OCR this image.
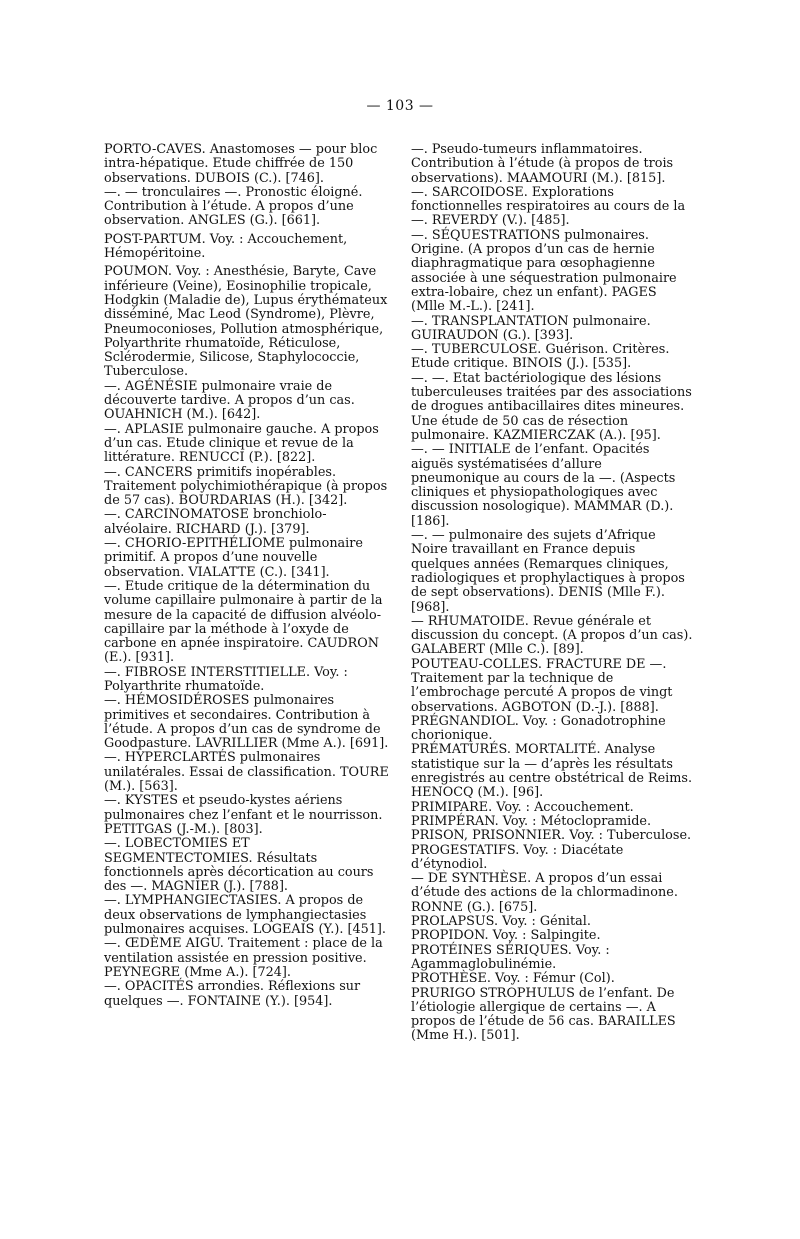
— 103 —

PORTO-CAVES. Anastomoses — pour bloc intra-hépatique. Etude chiffrée de 150 observations. DUBOIS (C.). [746].

—. — tronculaires —. Pronostic éloigné. Contribution à l’étude. A propos d’une observation. ANGLES (G.). [661].

POST-PARTUM. Voy. : Accouchement, Hémopéritoine.

POUMON. Voy. : Anesthésie, Baryte, Cave inférieure (Veine), Eosinophilie tropicale, Hodgkin (Maladie de), Lupus érythémateux disséminé, Mac Leod (Syndrome), Plèvre, Pneumoconioses, Pollution atmosphérique, Polyarthrite rhumatoïde, Réticulose, Sclérodermie, Silicose, Staphylococcie, Tuberculose.

—. AGÉNÉSIE pulmonaire vraie de découverte tardive. A propos d’un cas. OUAHNICH (M.). [642].

—. APLASIE pulmonaire gauche. A propos d’un cas. Etude clinique et revue de la littérature. RENUCCI (P.). [822].

—. CANCERS primitifs inopérables. Traitement polychimiothérapique (à propos de 57 cas). BOURDARIAS (H.). [342].

—. CARCINOMATOSE bronchiolo-alvéolaire. RICHARD (J.). [379].

—. CHORIO-EPITHÉLIOME pulmonaire primitif. A propos d’une nouvelle observation. VIALATTE (C.). [341].

—. Etude critique de la détermination du volume capillaire pulmonaire à partir de la mesure de la capacité de diffusion alvéolo-capillaire par la méthode à l’oxyde de carbone en apnée inspiratoire. CAUDRON (E.). [931].

—. FIBROSE INTERSTITIELLE. Voy. : Polyarthrite rhumatoïde.

—. HÉMOSIDÉROSES pulmonaires primitives et secondaires. Contribution à l’étude. A propos d’un cas de syndrome de Goodpasture. LAVRILLIER (Mme A.). [691].

—. HYPERCLARTÉS pulmonaires unilatérales. Essai de classification. TOURE (M.). [563].

—. KYSTES et pseudo-kystes aériens pulmonaires chez l’enfant et le nourrisson. PETITGAS (J.-M.). [803].

—. LOBECTOMIES ET SEGMENTECTOMIES. Résultats fonctionnels après décortication au cours des —. MAGNIER (J.). [788].

—. LYMPHANGIECTASIES. A propos de deux observations de lymphangiectasies pulmonaires acquises. LOGEAIS (Y.). [451].

—. ŒDÈME AIGU. Traitement : place de la ventilation assistée en pression positive. PEYNEGRE (Mme A.). [724].

—. OPACITÉS arrondies. Réflexions sur quelques —. FONTAINE (Y.). [954].

—. Pseudo-tumeurs inflammatoires. Contribution à l’étude (à propos de trois observations). MAAMOURI (M.). [815].

—. SARCOIDOSE. Explorations fonctionnelles respiratoires au cours de la —. REVERDY (V.). [485].

—. SÉQUESTRATIONS pulmonaires. Origine. (A propos d’un cas de hernie diaphragmatique para œsophagienne associée à une séquestration pulmonaire extra-lobaire, chez un enfant). PAGES (Mlle M.-L.). [241].

—. TRANSPLANTATION pulmonaire. GUIRAUDON (G.). [393].

—. TUBERCULOSE. Guérison. Critères. Etude critique. BINOIS (J.). [535].

—. —. Etat bactériologique des lésions tuberculeuses traitées par des associations de drogues antibacillaires dites mineures. Une étude de 50 cas de résection pulmonaire. KAZMIERCZAK (A.). [95].

—. — INITIALE de l’enfant. Opacités aiguës systématisées d’allure pneumonique au cours de la —. (Aspects cliniques et physiopathologiques avec discussion nosologique). MAMMAR (D.). [186].

—. — pulmonaire des sujets d’Afrique Noire travaillant en France depuis quelques années (Remarques cliniques, radiologiques et prophylactiques à propos de sept observations). DENIS (Mlle F.). [968].

— RHUMATOIDE. Revue générale et discussion du concept. (A propos d’un cas). GALABERT (Mlle C.). [89].

POUTEAU-COLLES. FRACTURE DE —. Traitement par la technique de l’embrochage percuté A propos de vingt observations. AGBOTON (D.-J.). [888].

PRÉGNANDIOL. Voy. : Gonadotrophine chorionique.

PRÉMATURÉS. MORTALITÉ. Analyse statistique sur la — d’après les résultats enregistrés au centre obstétrical de Reims. HENOCQ (M.). [96].

PRIMIPARE. Voy. : Accouchement.

PRIMPÉRAN. Voy. : Métoclopramide.

PRISON, PRISONNIER. Voy. : Tuberculose.

PROGESTATIFS. Voy. : Diacétate d’étynodiol.

— DE SYNTHÈSE. A propos d’un essai d’étude des actions de la chlormadinone. RONNE (G.). [675].

PROLAPSUS. Voy. : Génital.

PROPIDON. Voy. : Salpingite.

PROTÉINES SÉRIQUES. Voy. : Agammaglobulinémie.

PROTHÈSE. Voy. : Fémur (Col).

PRURIGO STROPHULUS de l’enfant. De l’étiologie allergique de certains —. A propos de l’étude de 56 cas. BARAILLES (Mme H.). [501].
